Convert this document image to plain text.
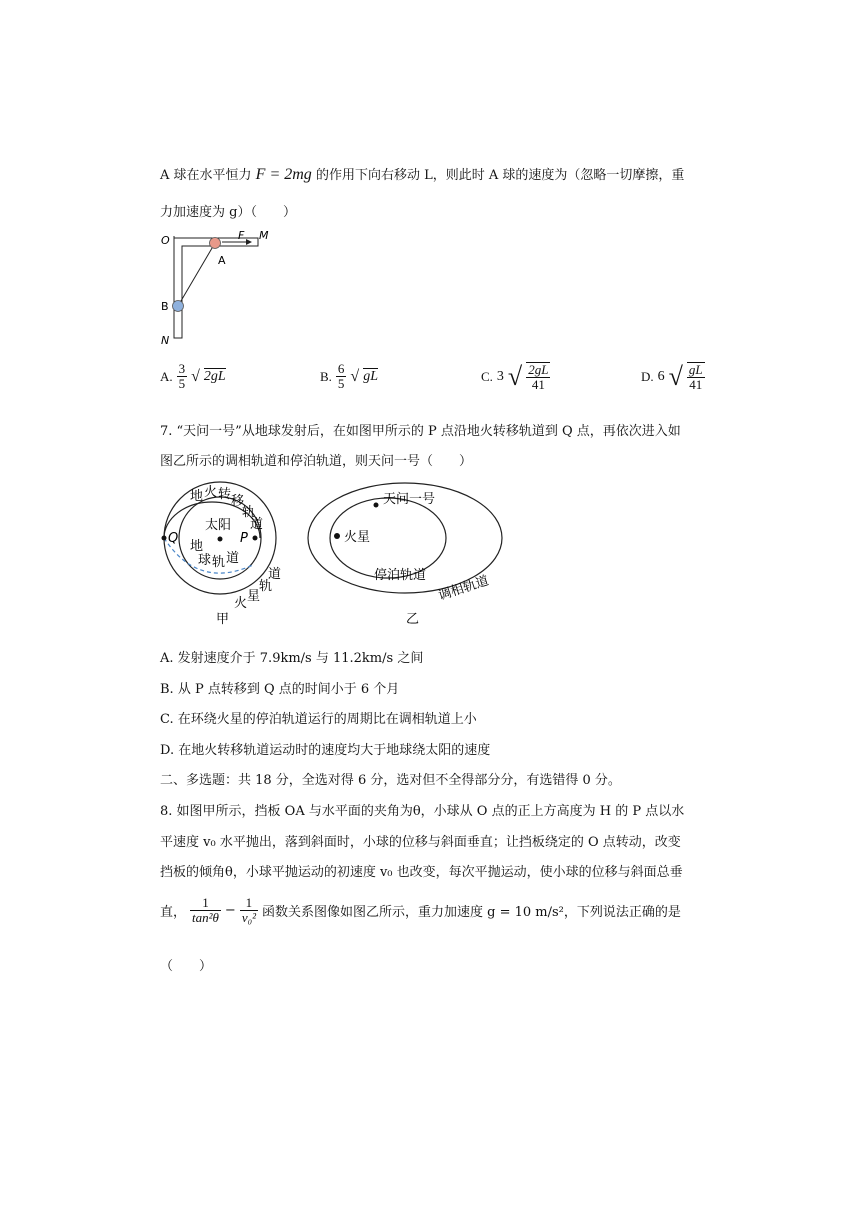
A 球在水平恒力 F = 2mg 的作用下向右移动 L，则此时 A 球的速度为（忽略一切摩擦，重
力加速度为 g）（　　）
O	F M
A
B
N
A. $\frac{3}{5}$ √ 2gL	B. $\frac{6}{5}$ √ gL	C. 3 √ $\frac{2gL}{41}$	D. 6 √ $\frac{gL}{41}$
7. “天问一号”从地球发射后，在如图甲所示的 P 点沿地火转移轨道到 Q 点，再依次进入如
图乙所示的调相轨道和停泊轨道，则天问一号（　　）
地 火 转 移
轨
道
太阳
Q	P
地
球 轨 道
火 星
轨
道
甲
天问一号
火星
停泊轨道 调相轨道
乙
A. 发射速度介于 7.9km/s 与 11.2km/s 之间
B. 从 P 点转移到 Q 点的时间小于 6 个月
C. 在环绕火星的停泊轨道运行的周期比在调相轨道上小
D. 在地火转移轨道运动时的速度均大于地球绕太阳的速度
二、多选题：共 18 分，全选对得 6 分，选对但不全得部分分，有选错得 0 分。
8. 如图甲所示，挡板 OA 与水平面的夹角为θ，小球从 O 点的正上方高度为 H 的 P 点以水
平速度 v₀ 水平抛出，落到斜面时，小球的位移与斜面垂直；让挡板绕定的 O 点转动，改变
挡板的倾角θ，小球平抛运动的初速度 v₀ 也改变，每次平抛运动，使小球的位移与斜面总垂
直， $\frac{1}{\text{tan²θ}} - \frac{1}{\text{v₀²}}$ 函数关系图像如图乙所示，重力加速度 g = 10 m/s²，下列说法正确的是
（　　）
